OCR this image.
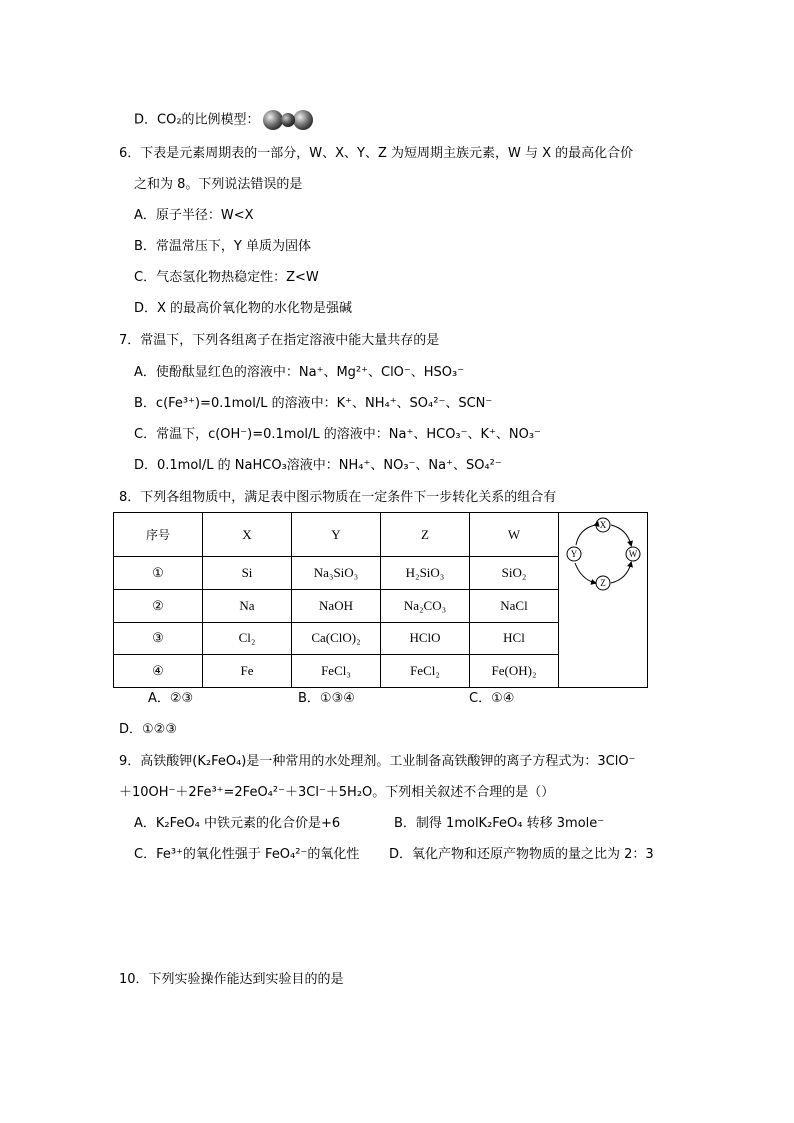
D．CO₂的比例模型：
6．下表是元素周期表的一部分，W、X、Y、Z 为短周期主族元素，W 与 X 的最高化合价
之和为 8。下列说法错误的是
A．原子半径：W<X
B．常温常压下，Y 单质为固体
C．气态氢化物热稳定性：Z<W
D．X 的最高价氧化物的水化物是强碱
7．常温下，下列各组离子在指定溶液中能大量共存的是
A．使酚酞显红色的溶液中：Na⁺、Mg²⁺、ClO⁻、HSO₃⁻
B．c(Fe³⁺)=0.1mol/L 的溶液中：K⁺、NH₄⁺、SO₄²⁻、SCN⁻
C．常温下，c(OH⁻)=0.1mol/L 的溶液中：Na⁺、HCO₃⁻、K⁺、NO₃⁻
D．0.1mol/L 的 NaHCO₃溶液中：NH₄⁺、NO₃⁻、Na⁺、SO₄²⁻
8．下列各组物质中，满足表中图示物质在一定条件下一步转化关系的组合有
序号	X	Y	Z	W	X
W
Z
Y

①	Si	Na₃SiO₃	H₂SiO₃	SiO₂	
②	Na	NaOH	Na₂CO₃	NaCl	
③	Cl₂	Ca(ClO)₂	HClO	HCl	
④	Fe	FeCl₃	FeCl₂	Fe(OH)₂	
A．②③	B．①③④	C．①④
D．①②③
9．高铁酸钾(K₂FeO₄)是一种常用的水处理剂。工业制备高铁酸钾的离子方程式为：3ClO⁻
＋10OH⁻＋2Fe³⁺=2FeO₄²⁻＋3Cl⁻＋5H₂O。下列相关叙述不合理的是（）
A．K₂FeO₄ 中铁元素的化合价是+6	B．制得 1molK₂FeO₄ 转移 3mole⁻
C．Fe³⁺的氧化性强于 FeO₄²⁻的氧化性 D．氧化产物和还原产物物质的量之比为 2：3
10．下列实验操作能达到实验目的的是
